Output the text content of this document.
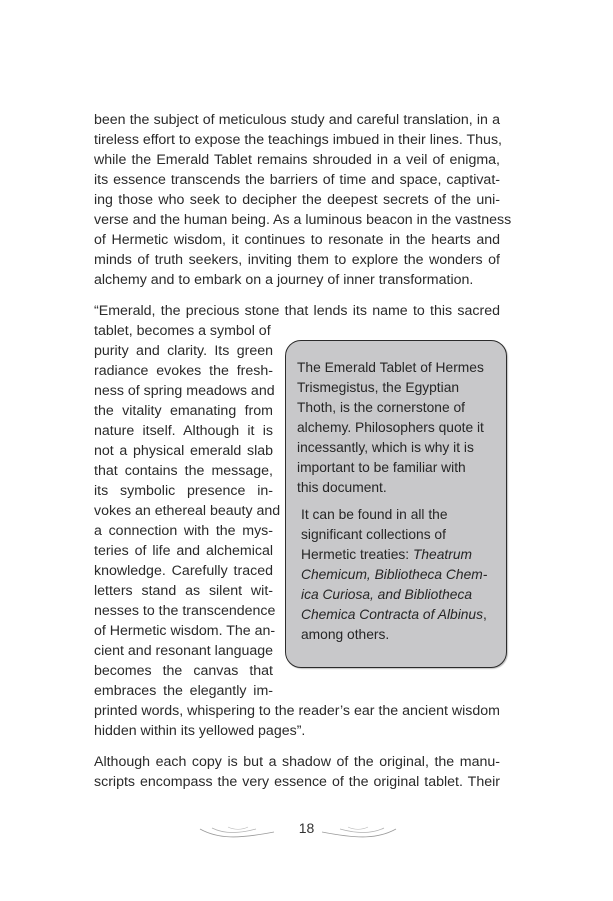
been the subject of meticulous study and careful translation, in a
tireless effort to expose the teachings imbued in their lines. Thus,
while the Emerald Tablet remains shrouded in a veil of enigma,
its essence transcends the barriers of time and space, captivat-
ing those who seek to decipher the deepest secrets of the uni-
verse and the human being. As a luminous beacon in the vastness
of Hermetic wisdom, it continues to resonate in the hearts and
minds of truth seekers, inviting them to explore the wonders of
alchemy and to embark on a journey of inner transformation.
“Emerald, the precious stone that lends its name to this sacred
tablet, becomes a symbol of
purity and clarity. Its green
radiance evokes the fresh-
ness of spring meadows and
the vitality emanating from
nature itself. Although it is
not a physical emerald slab
that contains the message,
its symbolic presence in-
vokes an ethereal beauty and
a connection with the mys-
teries of life and alchemical
knowledge. Carefully traced
letters stand as silent wit-
nesses to the transcendence
of Hermetic wisdom. The an-
cient and resonant language
becomes the canvas that
embraces the elegantly im-
printed words, whispering to the reader’s ear the ancient wisdom
hidden within its yellowed pages”.
The Emerald Tablet of Hermes
Trismegistus, the Egyptian
Thoth, is the cornerstone of
alchemy. Philosophers quote it
incessantly, which is why it is
important to be familiar with
this document.
It can be found in all the
significant collections of
Hermetic treaties: Theatrum
Chemicum, Bibliotheca Chem-
ica Curiosa, and Bibliotheca
Chemica Contracta of Albinus,
among others.
Although each copy is but a shadow of the original, the manu-
scripts encompass the very essence of the original tablet. Their
18
